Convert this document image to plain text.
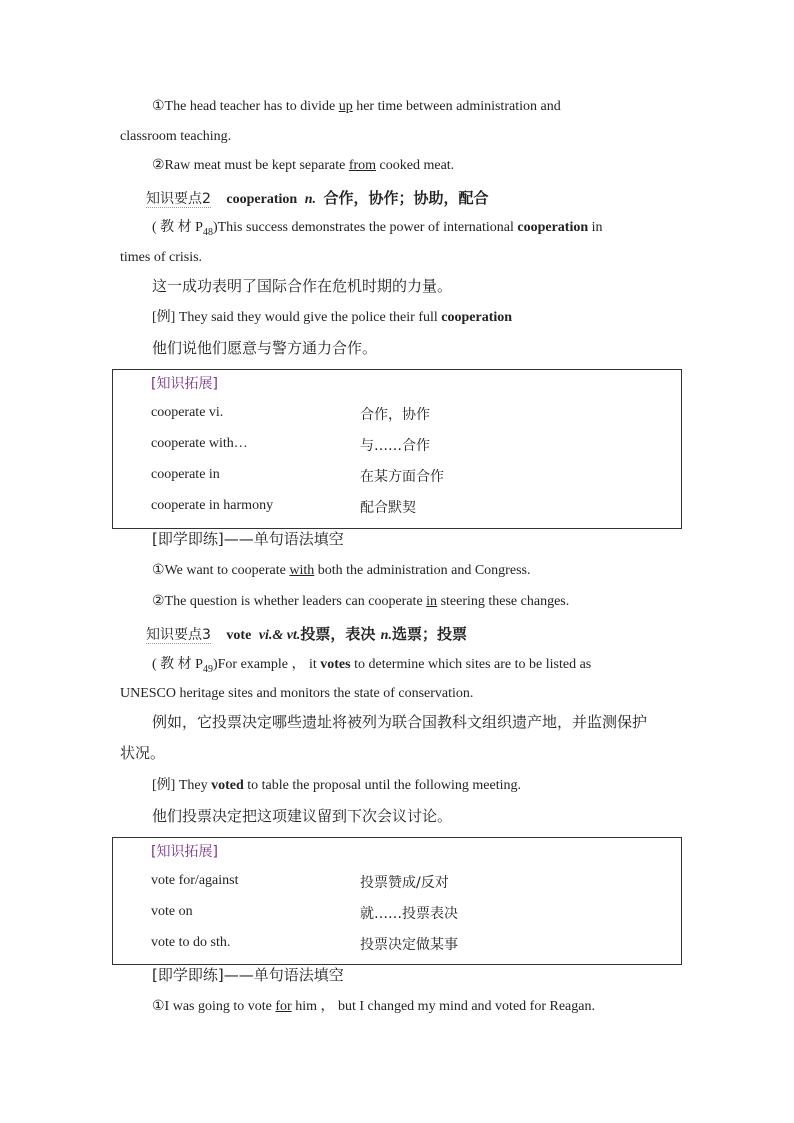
①The head teacher has to divide up her time between administration and
classroom teaching.
②Raw meat must be kept separate from cooked meat.
知识要点2 cooperation n. 合作，协作；协助，配合
( 教 材 $P_{48})This$ success demonstrates the power of international cooperation in
times of crisis.
这一成功表明了国际合作在危机时期的力量。
[例] They said they would give the police their full cooperation
他们说他们愿意与警方通力合作。
[知识拓展]
cooperate vi.	合作，协作
cooperate with…	与……合作
cooperate in	在某方面合作
cooperate in harmony	配合默契
[即学即练]——单句语法填空
①We want to cooperate with both the administration and Congress.
②The question is whether leaders can cooperate in steering these changes.
知识要点3 vote vi.& vt.投票，表决 n.选票；投票
( 教 材 $P_{49})For$ example ， it votes to determine which sites are to be listed as
UNESCO heritage sites and monitors the state of conservation.
例如，它投票决定哪些遗址将被列为联合国教科文组织遗产地，并监测保护
状况。
[例] They voted to table the proposal until the following meeting.
他们投票决定把这项建议留到下次会议讨论。
[知识拓展]
vote for/against	投票赞成/反对
vote on	就……投票表决
vote to do sth.	投票决定做某事
[即学即练]——单句语法填空
①I was going to vote for him ， but I changed my mind and voted for Reagan.
